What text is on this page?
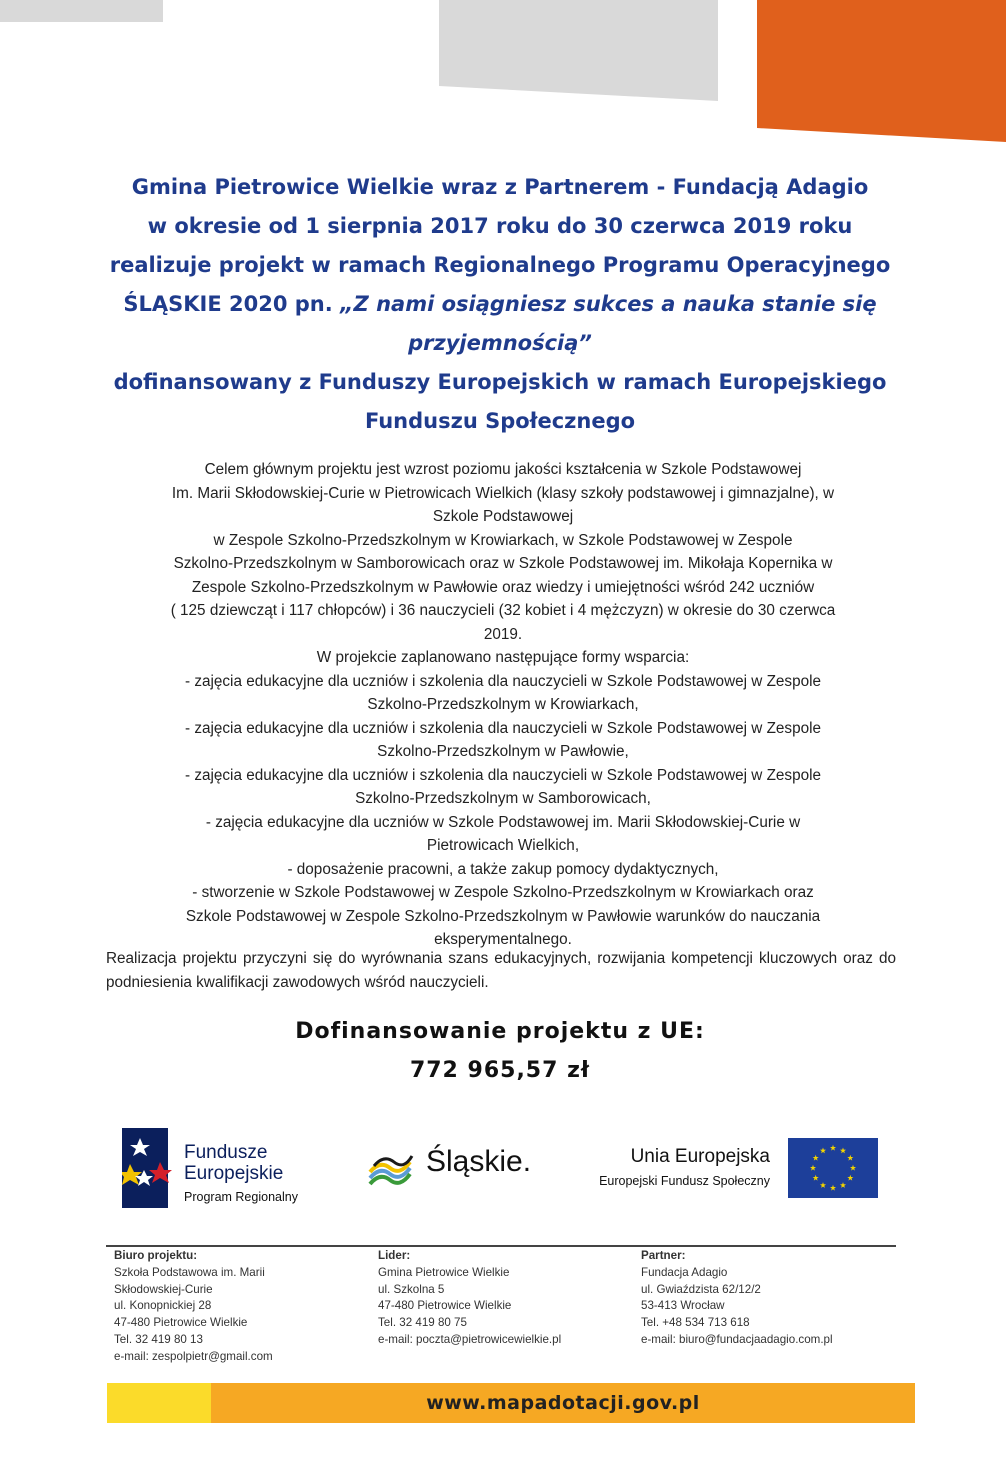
Gmina Pietrowice Wielkie wraz z Partnerem - Fundacją Adagio
w okresie od 1 sierpnia 2017 roku do 30 czerwca 2019 roku
realizuje projekt w ramach Regionalnego Programu Operacyjnego
ŚLĄSKIE 2020 pn. „Z nami osiągniesz sukces a nauka stanie się
przyjemnością”
dofinansowany z Funduszy Europejskich w ramach Europejskiego
Funduszu Społecznego
Celem głównym projektu jest wzrost poziomu jakości kształcenia w Szkole Podstawowej
Im. Marii Skłodowskiej-Curie w Pietrowicach Wielkich (klasy szkoły podstawowej i gimnazjalne), w
Szkole Podstawowej
w Zespole Szkolno-Przedszkolnym w Krowiarkach, w Szkole Podstawowej w Zespole
Szkolno-Przedszkolnym w Samborowicach oraz w Szkole Podstawowej im. Mikołaja Kopernika w
Zespole Szkolno-Przedszkolnym w Pawłowie oraz wiedzy i umiejętności wśród 242 uczniów
( 125 dziewcząt i 117 chłopców) i 36 nauczycieli (32 kobiet i 4 mężczyzn) w okresie do 30 czerwca
2019.
W projekcie zaplanowano następujące formy wsparcia:
- zajęcia edukacyjne dla uczniów i szkolenia dla nauczycieli w Szkole Podstawowej w Zespole
Szkolno-Przedszkolnym w Krowiarkach,
- zajęcia edukacyjne dla uczniów i szkolenia dla nauczycieli w Szkole Podstawowej w Zespole
Szkolno-Przedszkolnym w Pawłowie,
- zajęcia edukacyjne dla uczniów i szkolenia dla nauczycieli w Szkole Podstawowej w Zespole
Szkolno-Przedszkolnym w Samborowicach,
- zajęcia edukacyjne dla uczniów w Szkole Podstawowej im. Marii Skłodowskiej-Curie w
Pietrowicach Wielkich,
- doposażenie pracowni, a także zakup pomocy dydaktycznych,
- stworzenie w Szkole Podstawowej w Zespole Szkolno-Przedszkolnym w Krowiarkach oraz
Szkole Podstawowej w Zespole Szkolno-Przedszkolnym w Pawłowie warunków do nauczania
eksperymentalnego.
Realizacja projektu przyczyni się do wyrównania szans edukacyjnych, rozwijania kompetencji kluczowych oraz do podniesienia kwalifikacji zawodowych wśród nauczycieli.
Dofinansowanie projektu z UE:
772 965,57 zł
Fundusze
Europejskie
Program Regionalny
Śląskie.	Unia Europejska
Europejski Fundusz Społeczny
Biuro projektu:
Szkoła Podstawowa im. Marii
Skłodowskiej-Curie
ul. Konopnickiej 28
47-480 Pietrowice Wielkie
Tel. 32 419 80 13
e-mail: zespolpietr@gmail.com
Lider:
Gmina Pietrowice Wielkie
ul. Szkolna 5
47-480 Pietrowice Wielkie
Tel. 32 419 80 75
e-mail: poczta@pietrowicewielkie.pl
Partner:
Fundacja Adagio
ul. Gwiaździsta 62/12/2
53-413 Wrocław
Tel. +48 534 713 618
e-mail: biuro@fundacjaadagio.com.pl
www.mapadotacji.gov.pl
